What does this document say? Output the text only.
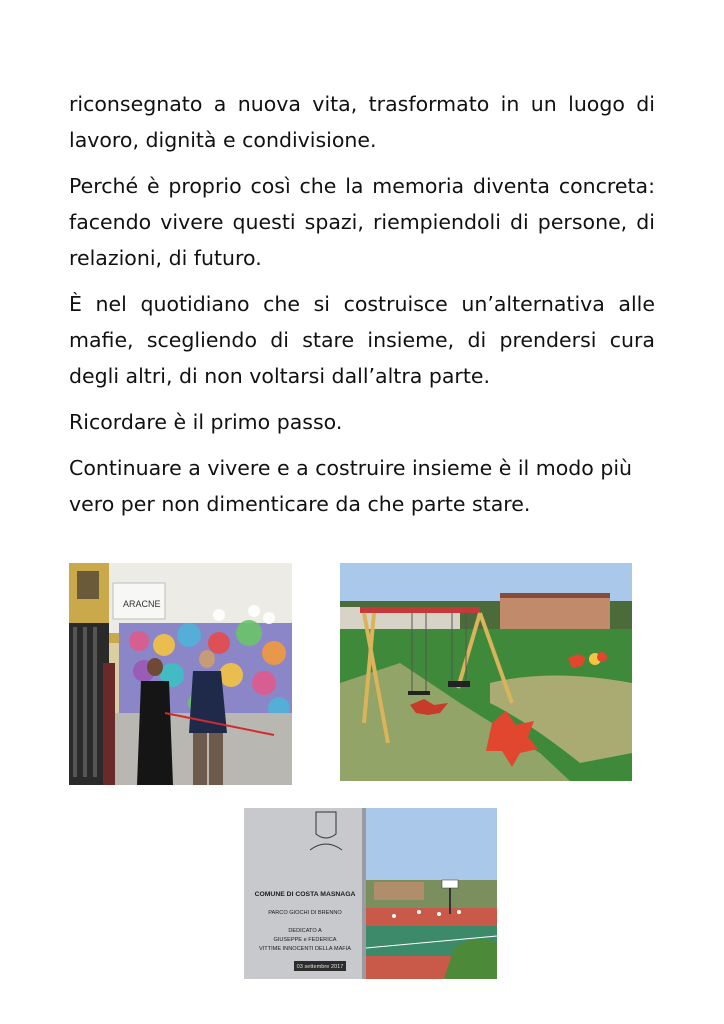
riconsegnato a nuova vita, trasformato in un luogo di lavoro, dignità e condivisione.

Perché è proprio così che la memoria diventa concreta: facendo vivere questi spazi, riempiendoli di persone, di relazioni, di futuro.

È nel quotidiano che si costruisce un’alternativa alle mafie, scegliendo di stare insieme, di prendersi cura degli altri, di non voltarsi dall’altra parte.

Ricordare è il primo passo.

Continuare a vivere e a costruire insieme è il modo più vero per non dimenticare da che parte stare.

ARACNE
COMUNE DI COSTA MASNAGA
PARCO GIOCHI DI BRENNO
DEDICATO A
GIUSEPPE e FEDERICA
VITTIME INNOCENTI DELLA MAFIA
03 settembre 2017
